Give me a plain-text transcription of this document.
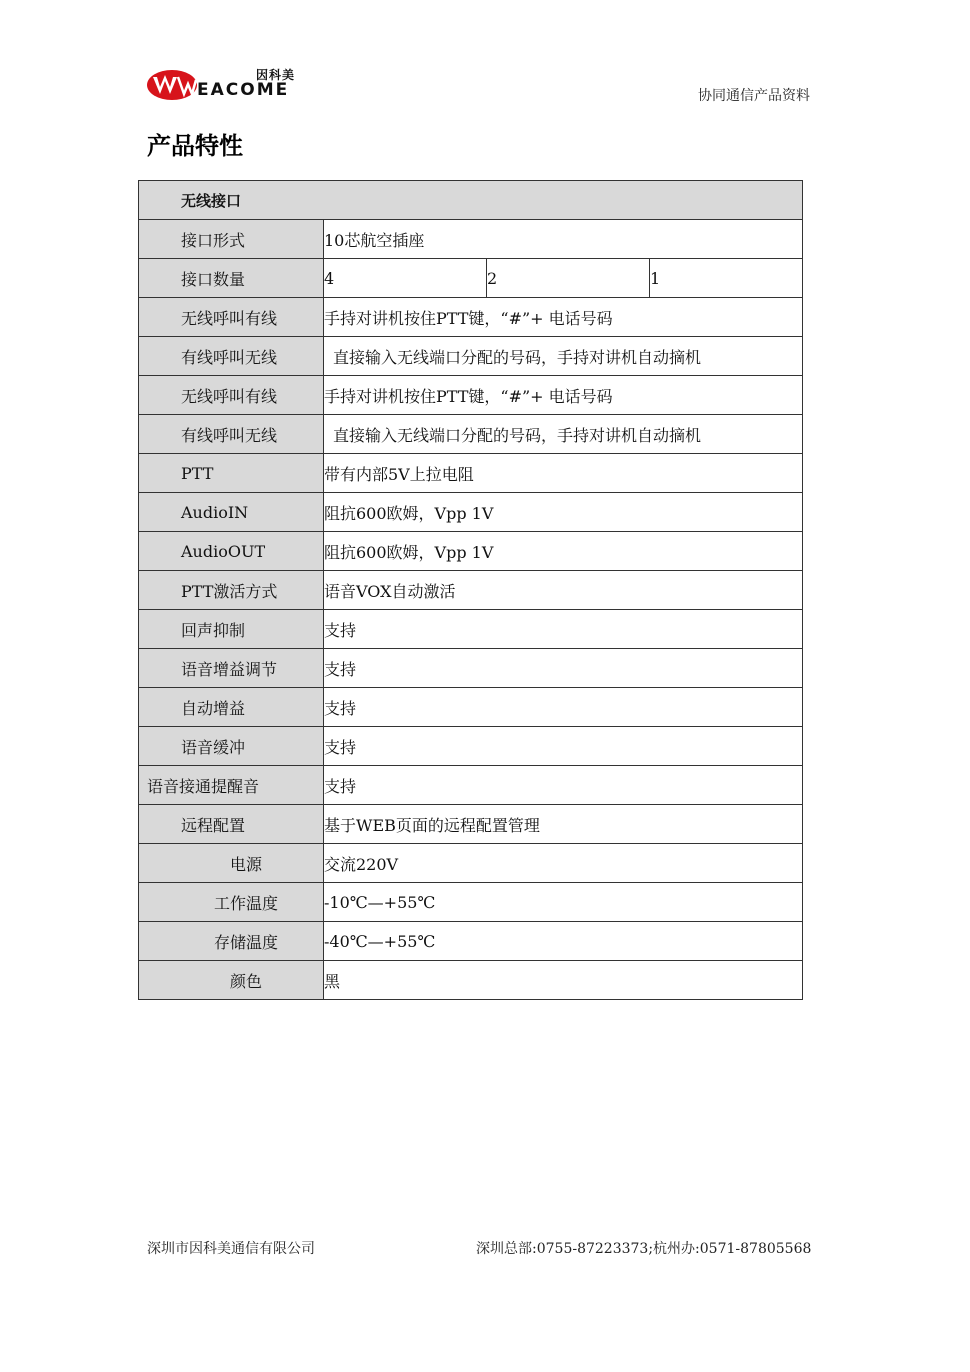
因科美
EACOME	协同通信产品资料
产品特性
无线接口			
接口形式	10芯航空插座		
接口数量	4	2	1
无线呼叫有线	手持对讲机按住PTT键，“#”+ 电话号码		
有线呼叫无线	直接输入无线端口分配的号码，手持对讲机自动摘机		
无线呼叫有线	手持对讲机按住PTT键，“#”+ 电话号码		
有线呼叫无线	直接输入无线端口分配的号码，手持对讲机自动摘机		
PTT	带有内部5V上拉电阻		
AudioIN	阻抗600欧姆，Vpp 1V		
AudioOUT	阻抗600欧姆，Vpp 1V		
PTT激活方式	语音VOX自动激活		
回声抑制	支持		
语音增益调节	支持		
自动增益	支持		
语音缓冲	支持		
语音接通提醒音	支持		
远程配置	基于WEB页面的远程配置管理		
电源	交流220V		
工作温度	-10℃—+55℃		
存储温度	-40℃—+55℃		
颜色	黑		
深圳市因科美通信有限公司	深圳总部:0755-87223373;杭州办:0571-87805568
